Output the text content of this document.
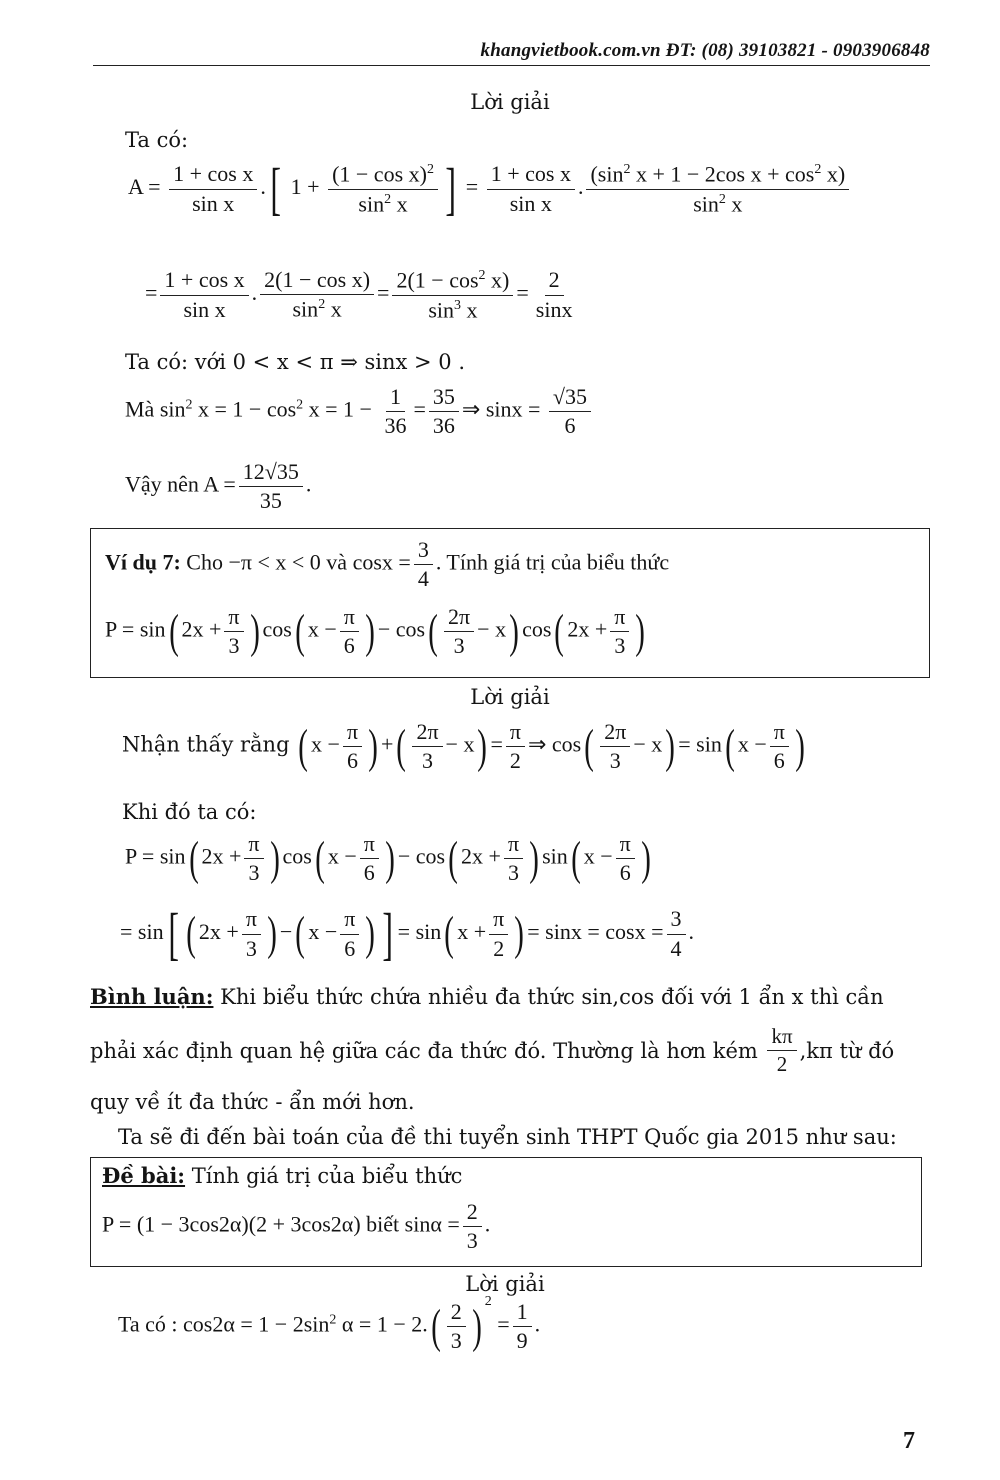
khangvietbook.com.vn ĐT: (08) 39103821 - 0903906848
Lời giải
Ta có:
$A = \frac{\text{1 + cos x}}{\text{sin x}}$ .[ $1 + \frac{(1 - \cos x)^2}{\sin^2 x}$ ] = $\frac{\text{1 + cos x}}{\text{sin x}}$ . $\frac{(\sin^2 x + 1 - 2\cos x + \cos^2 x)}{\sin^2 x}$
= $\frac{\text{1 + cos x}}{\text{sin x}}$ . $\frac{\text{2(1 − cos x)}}{\sin^2 x} = \frac{2(1 - \cos^2 x)}{\sin^3 x} = \frac{2}{\sin x}$
Ta có: với 0 < x < π ⇒ sinx > 0 .
Mà $\sin^2 x = 1 - \cos^2 x = 1 - \frac{1}{36} = \frac{35}{36}$ ⇒ $\sin x = \frac{√35}{6}$
Vậy nên $A = \frac{12√35}{35}$ .
Ví dụ 7: Cho −π < x < 0 và $\cos x = \frac{3}{4}$ . Tính giá trị của biểu thức
P = sin( $2x + \frac{\pi}{3}$ ) cos( $x - \frac{\pi}{6}$ ) − $\cos( \frac{2\pi}{3} - x)$ cos( $2x + \frac{\pi}{3}$ )
Lời giải
Nhận thấy rằng ( $x - \frac{\pi}{6}$ ) +( $\frac{2\pi}{3} - x) = \frac{\pi}{2}$ ⇒ $\cos( \frac{2\pi}{3} - x) = \sin$( $x - \frac{\pi}{6}$ )
Khi đó ta có:
P = sin( $2x + \frac{\pi}{3}$ ) cos( $x - \frac{\pi}{6}$ ) − cos( $2x + \frac{\pi}{3}$ ) sin( $x - \frac{\pi}{6}$ )
= sin[ ( $2x + \frac{\pi}{3}$ ) −( $x - \frac{\pi}{6}$ ) ] = sin( $x + \frac{\pi}{2}$ ) = $\sin x = \cos x = \frac{3}{4}$ .
Bình luận: Khi biểu thức chứa nhiều đa thức sin,cos đối với 1 ẩn x thì cần
phải xác định quan hệ giữa các đa thức đó. Thường là hơn kém
$\frac{k\pi}{2} ,k\pi$ từ đó
quy về ít đa thức - ẩn mới hơn.
Ta sẽ đi đến bài toán của đề thi tuyển sinh THPT Quốc gia 2015 như sau:
Đề bài: Tính giá trị của biểu thức
P = (1 − 3cos2α)(2 + 3cos2α) biết $\sin\alpha = \frac{2}{3}$ .
Lời giải
Ta có : $\cos 2\alpha = 1 - 2\sin^2$ $\alpha = 1 - 2.( \frac{2}{3}$ ) $^2 = \frac{1}{9}$ .
7
